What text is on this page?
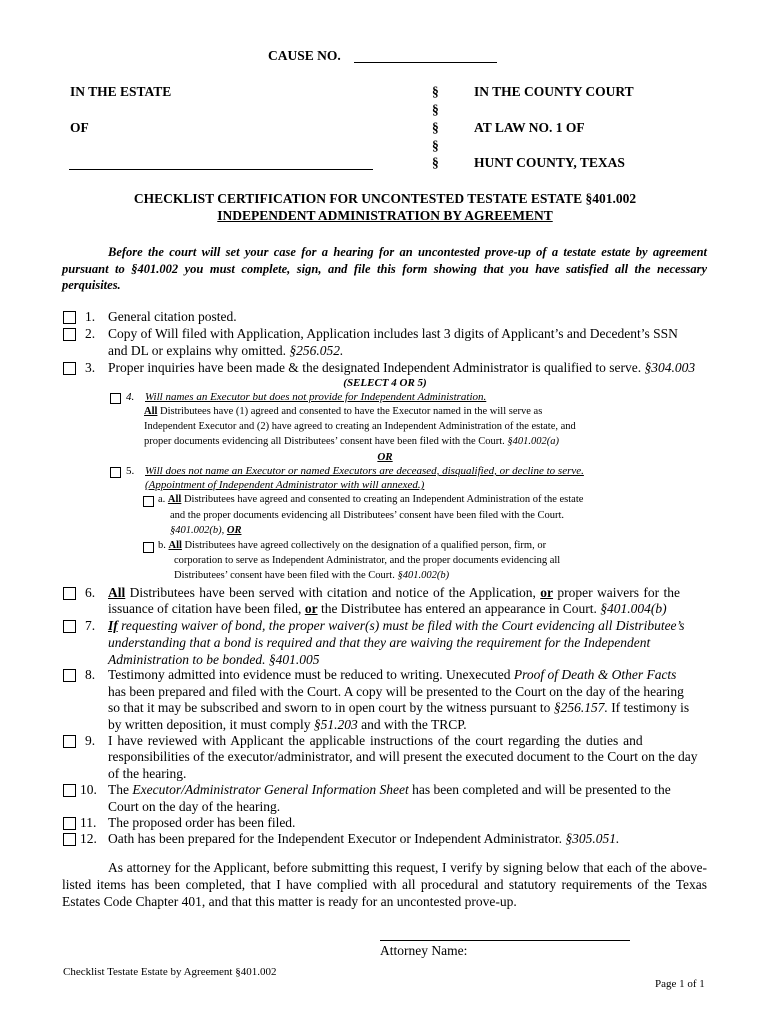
CAUSE NO.
IN THE ESTATE
OF
§
§
§
§
§
IN THE COUNTY COURT
AT LAW NO. 1 OF
HUNT COUNTY, TEXAS
CHECKLIST CERTIFICATION FOR UNCONTESTED TESTATE ESTATE §401.002
INDEPENDENT ADMINISTRATION BY AGREEMENT
Before the court will set your case for a hearing for an uncontested prove-up of a testate estate by agreement pursuant to §401.002 you must complete, sign, and file this form showing that you have satisfied all the necessary perquisites.
1. General citation posted.
2. Copy of Will filed with Application, Application includes last 3 digits of Applicant’s and Decedent’s SSN
and DL or explains why omitted. §256.052.
3. Proper inquiries have been made & the designated Independent Administrator is qualified to serve. §304.003
(SELECT 4 OR 5)
4. Will names an Executor but does not provide for Independent Administration.
All Distributees have (1) agreed and consented to have the Executor named in the will serve as
Independent Executor and (2) have agreed to creating an Independent Administration of the estate, and
proper documents evidencing all Distributees’ consent have been filed with the Court. §401.002(a)
OR
5. Will does not name an Executor or named Executors are deceased, disqualified, or decline to serve.
(Appointment of Independent Administrator with will annexed.)
a. All Distributees have agreed and consented to creating an Independent Administration of the estate
and the proper documents evidencing all Distributees’ consent have been filed with the Court.
§401.002(b), OR
b. All Distributees have agreed collectively on the designation of a qualified person, firm, or
corporation to serve as Independent Administrator, and the proper documents evidencing all
Distributees’ consent have been filed with the Court. §401.002(b)
6. All Distributees have been served with citation and notice of the Application, or proper waivers for the
issuance of citation have been filed, or the Distributee has entered an appearance in Court. §401.004(b)
7. If requesting waiver of bond, the proper waiver(s) must be filed with the Court evidencing all Distributee’s
understanding that a bond is required and that they are waiving the requirement for the Independent
Administration to be bonded. §401.005
8. Testimony admitted into evidence must be reduced to writing. Unexecuted Proof of Death & Other Facts
has been prepared and filed with the Court. A copy will be presented to the Court on the day of the hearing
so that it may be subscribed and sworn to in open court by the witness pursuant to §256.157. If testimony is
by written deposition, it must comply §51.203 and with the TRCP.
9. I have reviewed with Applicant the applicable instructions of the court regarding the duties and
responsibilities of the executor/administrator, and will present the executed document to the Court on the day
of the hearing.
10. The Executor/Administrator General Information Sheet has been completed and will be presented to the
Court on the day of the hearing.
11. The proposed order has been filed.
12. Oath has been prepared for the Independent Executor or Independent Administrator. §305.051.
As attorney for the Applicant, before submitting this request, I verify by signing below that each of the above-listed items has been completed, that I have complied with all procedural and statutory requirements of the Texas Estates Code Chapter 401, and that this matter is ready for an uncontested prove-up.
Attorney Name:
Checklist Testate Estate by Agreement §401.002
Page 1 of 1
